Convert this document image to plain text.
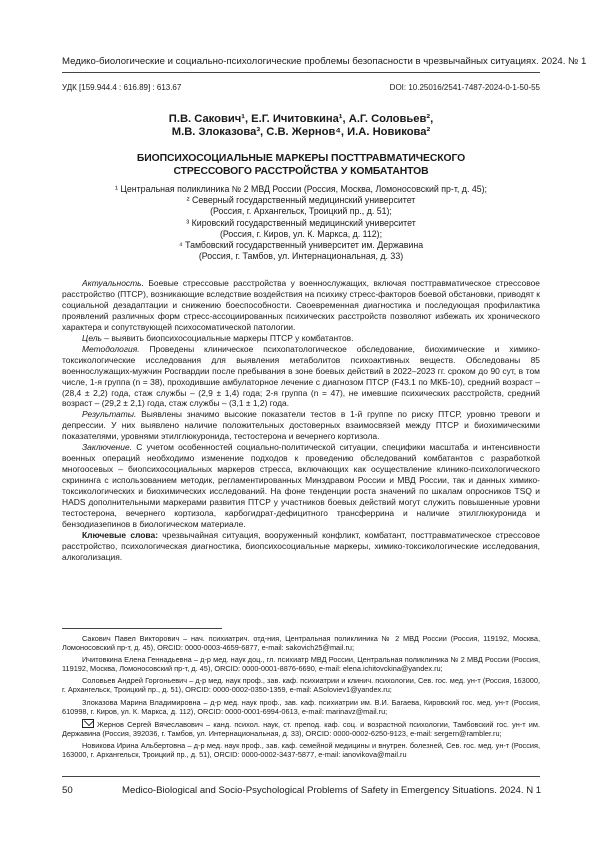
Медико-биологические и социально-психологические проблемы безопасности в чрезвычайных ситуациях. 2024. № 1
УДК [159.944.4 : 616.89] : 613.67	DOI: 10.25016/2541-7487-2024-0-1-50-55
П.В. Сакович¹, Е.Г. Ичитовкина¹, А.Г. Соловьев²,
М.В. Злоказова³, С.В. Жернов⁴, И.А. Новикова²
БИОПСИХОСОЦИАЛЬНЫЕ МАРКЕРЫ ПОСТТРАВМАТИЧЕСКОГО
СТРЕССОВОГО РАССТРОЙСТВА У КОМБАТАНТОВ
¹ Центральная поликлиника № 2 МВД России (Россия, Москва, Ломоносовский пр-т, д. 45);
² Северный государственный медицинский университет
(Россия, г. Архангельск, Троицкий пр., д. 51);
³ Кировский государственный медицинский университет
(Россия, г. Киров, ул. К. Маркса, д. 112);
⁴ Тамбовский государственный университет им. Державина
(Россия, г. Тамбов, ул. Интернациональная, д. 33)

Актуальность. Боевые стрессовые расстройства у военнослужащих, включая посттравматическое стрессовое расстройство (ПТСР), возникающие вследствие воздействия на психику стресс-факторов боевой обстановки, приводят к социальной дезадаптации и снижению боеспособности. Своевременная диагностика и последующая профилактика проявлений различных форм стресс-ассоциированных психических расстройств позволяют избежать их хронического характера и сопутствующей психосоматической патологии.

Цель – выявить биопсихосоциальные маркеры ПТСР у комбатантов.

Методология. Проведены клиническое психопатологическое обследование, биохимические и химико-токсикологические исследования для выявления метаболитов психоактивных веществ. Обследованы 85 военнослужащих-мужчин Росгвардии после пребывания в зоне боевых действий в 2022–2023 гг. сроком до 90 сут, в том числе, 1-я группа (n = 38), проходившие амбулаторное лечение с диагнозом ПТСР (F43.1 по МКБ-10), средний возраст – (28,4 ± 2,2) года, стаж службы – (2,9 ± 1,4) года; 2-я группа (n = 47), не имевшие психических расстройств, средний возраст – (29,2 ± 2,1) года, стаж службы – (3,1 ± 1,2) года.

Результаты. Выявлены значимо высокие показатели тестов в 1-й группе по риску ПТСР, уровню тревоги и депрессии. У них выявлено наличие положительных достоверных взаимосвязей между ПТСР и биохимическими показателями, уровнями этилглюкуронида, тестостерона и вечернего кортизола.

Заключение. С учетом особенностей социально-политической ситуации, специфики масштаба и интенсивности военных операций необходимо изменение подходов к проведению обследований комбатантов с разработкой многоосевых – биопсихосоциальных маркеров стресса, включающих как осуществление клинико-психологического скрининга с использованием методик, регламентированных Минздравом России и МВД России, так и данных химико-токсикологических и биохимических исследований. На фоне тенденции роста значений по шкалам опросников TSQ и HADS дополнительными маркерами развития ПТСР у участников боевых действий могут служить повышенные уровни тестостерона, вечернего кортизола, карбогидрат-дефицитного трансферрина и наличие этилглюкуронида и бензодиазепинов в биологическом материале.

Ключевые слова: чрезвычайная ситуация, вооруженный конфликт, комбатант, посттравматическое стрессовое расстройство, психологическая диагностика, биопсихосоциальные маркеры, химико-токсикологические исследования, алкоголизация.

Сакович Павел Викторович – нач. психиатрич. отд-ния, Центральная поликлиника № 2 МВД России (Россия, 119192, Москва, Ломоносовский пр-т, д. 45), ORCID: 0000-0003-4659-6877, e-mail: sakovich25@mail.ru;

Ичитовкина Елена Геннадьевна – д-р мед. наук доц., гл. психиатр МВД России, Центральная поликлиника № 2 МВД России (Россия, 119192, Москва, Ломоносовский пр-т, д. 45), ORCID: 0000-0001-8876-6690, e-mail: elena.ichitovckina@yandex.ru;

Соловьев Андрей Горгоньевич – д-р мед. наук проф., зав. каф. психиатрии и клинич. психологии, Сев. гос. мед. ун-т (Россия, 163000, г. Архангельск, Троицкий пр., д. 51), ORCID: 0000-0002-0350-1359, e-mail: ASoloviev1@yandex.ru;

Злоказова Марина Владимировна – д-р мед. наук проф., зав. каф. психиатрии им. В.И. Багаева, Кировский гос. мед. ун-т (Россия, 610998, г. Киров, ул. К. Маркса, д. 112), ORCID: 0000-0001-6994-0613, e-mail: marinavz@mail.ru;

Жернов Сергей Вячеславович – канд. психол. наук, ст. препод. каф. соц. и возрастной психологии, Тамбовский гос. ун-т им. Державина (Россия, 392036, г. Тамбов, ул. Интернациональная, д. 33), ORCID: 0000-0002-6250-9123, e-mail: sergern@rambler.ru;

Новикова Ирина Альбертовна – д-р мед. наук проф., зав. каф. семейной медицины и внутрен. болезней, Сев. гос. мед. ун-т (Россия, 163000, г. Архангельск, Троицкий пр., д. 51), ORCID: 0000-0002-3437-5877, e-mail: ianovikova@mail.ru

50	Medico-Biological and Socio-Psychological Problems of Safety in Emergency Situations. 2024. N 1
